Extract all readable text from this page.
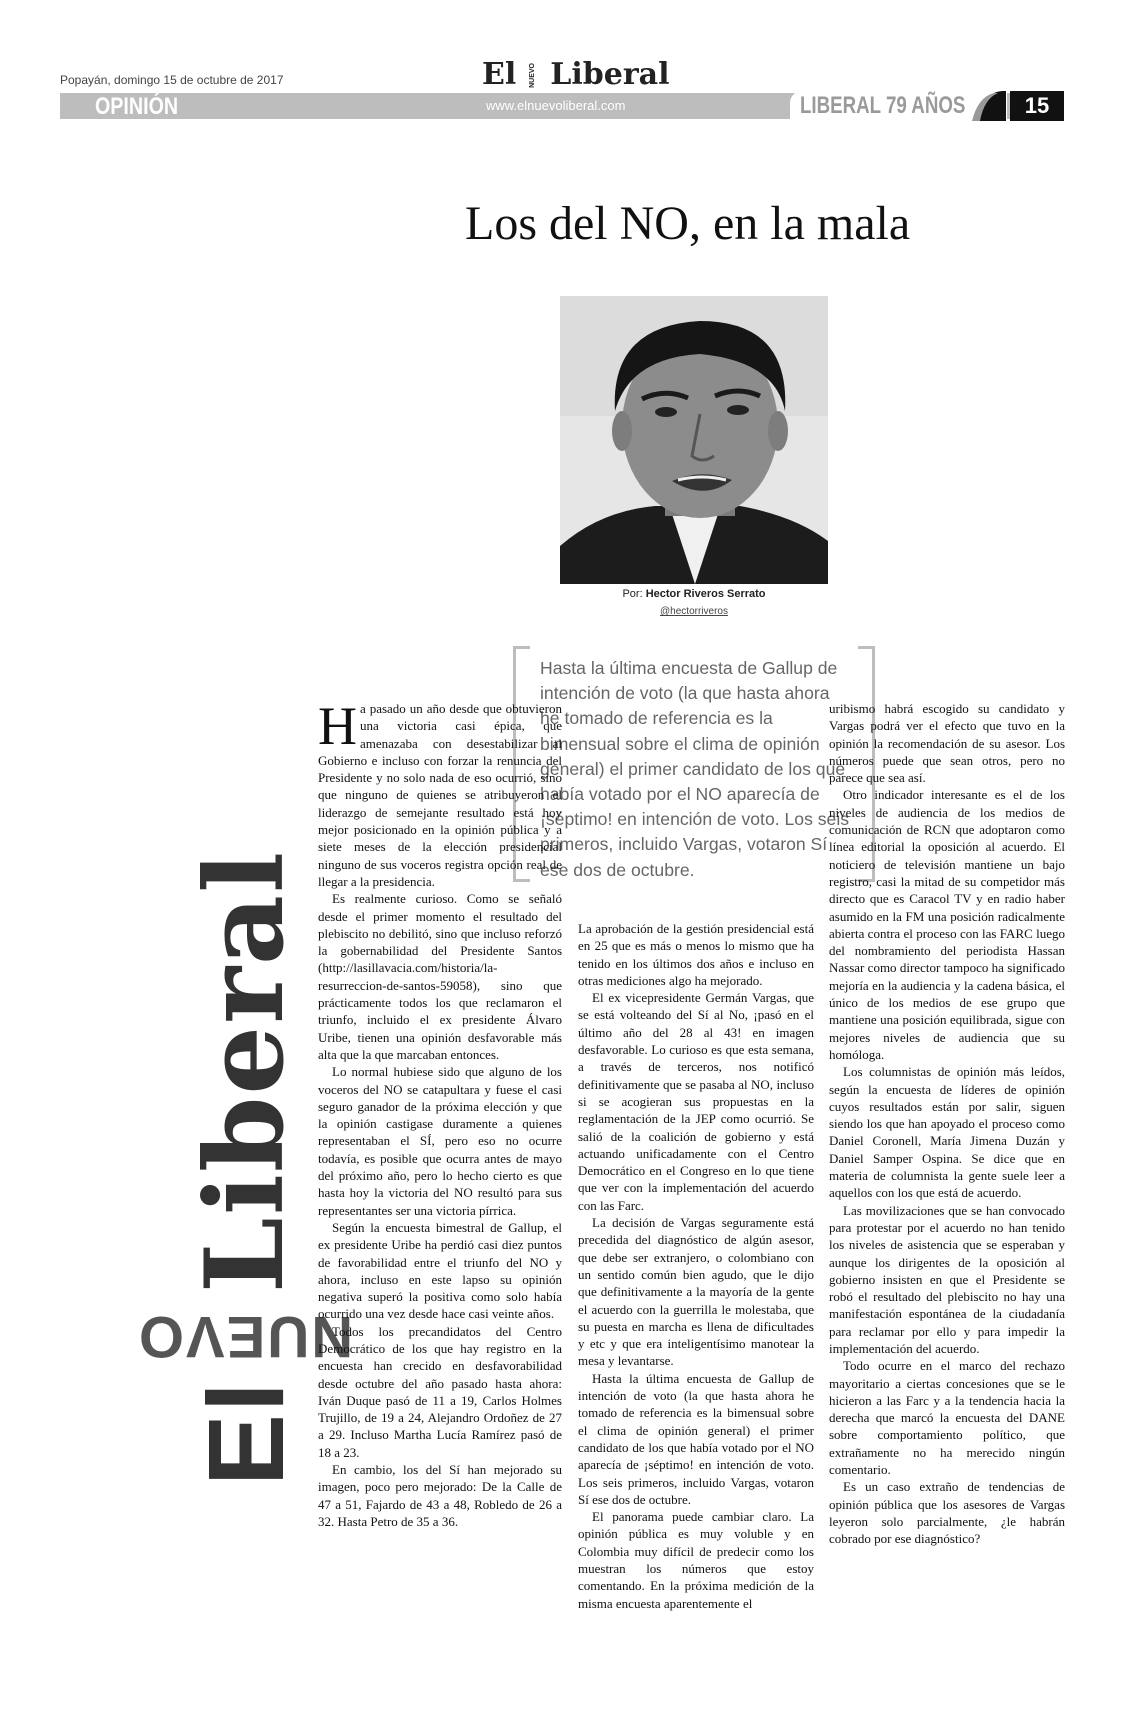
Popayán, domingo 15 de octubre de 2017	El	NUEVO Liberal
OPINIÓN	www.elnuevoliberal.com	LIBERAL 79 AÑOS	15
Los del NO, en la mala
El
NUEVO
Liberal
Por: Hector Riveros Serrato
@hectorriveros
Hasta la última encuesta de Gallup de intención de voto (la que hasta ahora he tomado de referencia es la bimensual sobre el clima de opinión general) el primer candidato de los que había votado por el NO aparecía de ¡séptimo! en intención de voto. Los seis primeros, incluido Vargas, votaron Sí ese dos de octubre.

Ha pasado un año desde que obtuvieron una victoria casi épica, que amenazaba con desestabilizar al Gobierno e incluso con forzar la renuncia del Presidente y no solo nada de eso ocurrió, sino que ninguno de quienes se atribuyeron el liderazgo de semejante resultado está hoy mejor posicionado en la opinión pública y a siete meses de la elección presidencial ninguno de sus voceros registra opción real de llegar a la presidencia.

Es realmente curioso. Como se señaló desde el primer momento el resultado del plebiscito no debilitó, sino que incluso reforzó la gobernabilidad del Presidente Santos (http://lasillavacia.com/historia/la-resurreccion-de-santos-59058), sino que prácticamente todos los que reclamaron el triunfo, incluido el ex presidente Álvaro Uribe, tienen una opinión desfavorable más alta que la que marcaban entonces.

Lo normal hubiese sido que alguno de los voceros del NO se catapultara y fuese el casi seguro ganador de la próxima elección y que la opinión castigase duramente a quienes representaban el SÍ, pero eso no ocurre todavía, es posible que ocurra antes de mayo del próximo año, pero lo hecho cierto es que hasta hoy la victoria del NO resultó para sus representantes ser una victoria pírrica.

Según la encuesta bimestral de Gallup, el ex presidente Uribe ha perdió casi diez puntos de favorabilidad entre el triunfo del NO y ahora, incluso en este lapso su opinión negativa superó la positiva como solo había ocurrido una vez desde hace casi veinte años.

Todos los precandidatos del Centro Democrático de los que hay registro en la encuesta han crecido en desfavorabilidad desde octubre del año pasado hasta ahora: Iván Duque pasó de 11 a 19, Carlos Holmes Trujillo, de 19 a 24, Alejandro Ordoñez de 27 a 29. Incluso Martha Lucía Ramírez pasó de 18 a 23.

En cambio, los del Sí han mejorado su imagen, poco pero mejorado: De la Calle de 47 a 51, Fajardo de 43 a 48, Robledo de 26 a 32. Hasta Petro de 35 a 36.

La aprobación de la gestión presidencial está en 25 que es más o menos lo mismo que ha tenido en los últimos dos años e incluso en otras mediciones algo ha mejorado.

El ex vicepresidente Germán Vargas, que se está volteando del Sí al No, ¡pasó en el último año del 28 al 43! en imagen desfavorable. Lo curioso es que esta semana, a través de terceros, nos notificó definitivamente que se pasaba al NO, incluso si se acogieran sus propuestas en la reglamentación de la JEP como ocurrió. Se salió de la coalición de gobierno y está actuando unificadamente con el Centro Democrático en el Congreso en lo que tiene que ver con la implementación del acuerdo con las Farc.

La decisión de Vargas seguramente está precedida del diagnóstico de algún asesor, que debe ser extranjero, o colombiano con un sentido común bien agudo, que le dijo que definitivamente a la mayoría de la gente el acuerdo con la guerrilla le molestaba, que su puesta en marcha es llena de dificultades y etc y que era inteligentísimo manotear la mesa y levantarse.

Hasta la última encuesta de Gallup de intención de voto (la que hasta ahora he tomado de referencia es la bimensual sobre el clima de opinión general) el primer candidato de los que había votado por el NO aparecía de ¡séptimo! en intención de voto. Los seis primeros, incluido Vargas, votaron Sí ese dos de octubre.

El panorama puede cambiar claro. La opinión pública es muy voluble y en Colombia muy difícil de predecir como los muestran los números que estoy comentando. En la próxima medición de la misma encuesta aparentemente el

uribismo habrá escogido su candidato y Vargas podrá ver el efecto que tuvo en la opinión la recomendación de su asesor. Los números puede que sean otros, pero no parece que sea así.

Otro indicador interesante es el de los niveles de audiencia de los medios de comunicación de RCN que adoptaron como línea editorial la oposición al acuerdo. El noticiero de televisión mantiene un bajo registro, casi la mitad de su competidor más directo que es Caracol TV y en radio haber asumido en la FM una posición radicalmente abierta contra el proceso con las FARC luego del nombramiento del periodista Hassan Nassar como director tampoco ha significado mejoría en la audiencia y la cadena básica, el único de los medios de ese grupo que mantiene una posición equilibrada, sigue con mejores niveles de audiencia que su homóloga.

Los columnistas de opinión más leídos, según la encuesta de líderes de opinión cuyos resultados están por salir, siguen siendo los que han apoyado el proceso como Daniel Coronell, María Jimena Duzán y Daniel Samper Ospina. Se dice que en materia de columnista la gente suele leer a aquellos con los que está de acuerdo.

Las movilizaciones que se han convocado para protestar por el acuerdo no han tenido los niveles de asistencia que se esperaban y aunque los dirigentes de la oposición al gobierno insisten en que el Presidente se robó el resultado del plebiscito no hay una manifestación espontánea de la ciudadanía para reclamar por ello y para impedir la implementación del acuerdo.

Todo ocurre en el marco del rechazo mayoritario a ciertas concesiones que se le hicieron a las Farc y a la tendencia hacia la derecha que marcó la encuesta del DANE sobre comportamiento político, que extrañamente no ha merecido ningún comentario.

Es un caso extraño de tendencias de opinión pública que los asesores de Vargas leyeron solo parcialmente, ¿le habrán cobrado por ese diagnóstico?
